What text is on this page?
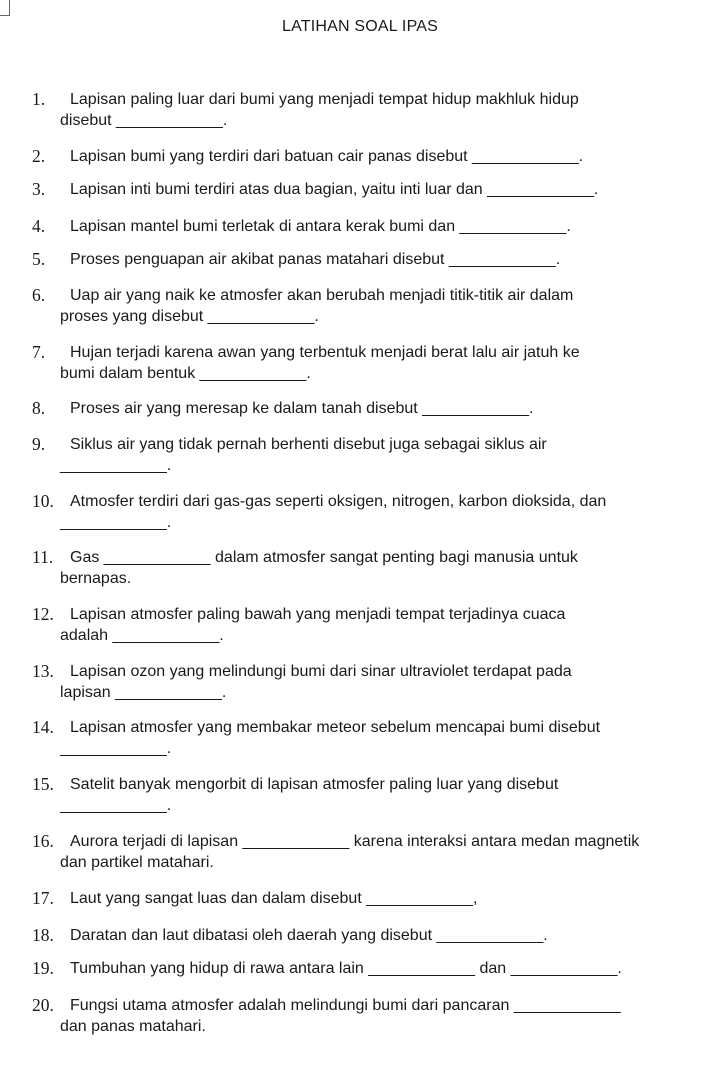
LATIHAN SOAL IPAS
1.	Lapisan paling luar dari bumi yang menjadi tempat hidup makhluk hidup
disebut ____________.
2.	Lapisan bumi yang terdiri dari batuan cair panas disebut ____________.
3.	Lapisan inti bumi terdiri atas dua bagian, yaitu inti luar dan ____________.
4.	Lapisan mantel bumi terletak di antara kerak bumi dan ____________.
5.	Proses penguapan air akibat panas matahari disebut ____________.
6.	Uap air yang naik ke atmosfer akan berubah menjadi titik-titik air dalam
proses yang disebut ____________.
7.	Hujan terjadi karena awan yang terbentuk menjadi berat lalu air jatuh ke
bumi dalam bentuk ____________.
8.	Proses air yang meresap ke dalam tanah disebut ____________.
9.	Siklus air yang tidak pernah berhenti disebut juga sebagai siklus air
____________.
10.	Atmosfer terdiri dari gas-gas seperti oksigen, nitrogen, karbon dioksida, dan
____________.
11.	Gas ____________ dalam atmosfer sangat penting bagi manusia untuk
bernapas.
12.	Lapisan atmosfer paling bawah yang menjadi tempat terjadinya cuaca
adalah ____________.
13.	Lapisan ozon yang melindungi bumi dari sinar ultraviolet terdapat pada
lapisan ____________.
14.	Lapisan atmosfer yang membakar meteor sebelum mencapai bumi disebut
____________.
15.	Satelit banyak mengorbit di lapisan atmosfer paling luar yang disebut
____________.
16.	Aurora terjadi di lapisan ____________ karena interaksi antara medan magnetik
dan partikel matahari.
17.	Laut yang sangat luas dan dalam disebut ____________,
18.	Daratan dan laut dibatasi oleh daerah yang disebut ____________.
19.	Tumbuhan yang hidup di rawa antara lain ____________ dan ____________.
20.	Fungsi utama atmosfer adalah melindungi bumi dari pancaran ____________
dan panas matahari.
